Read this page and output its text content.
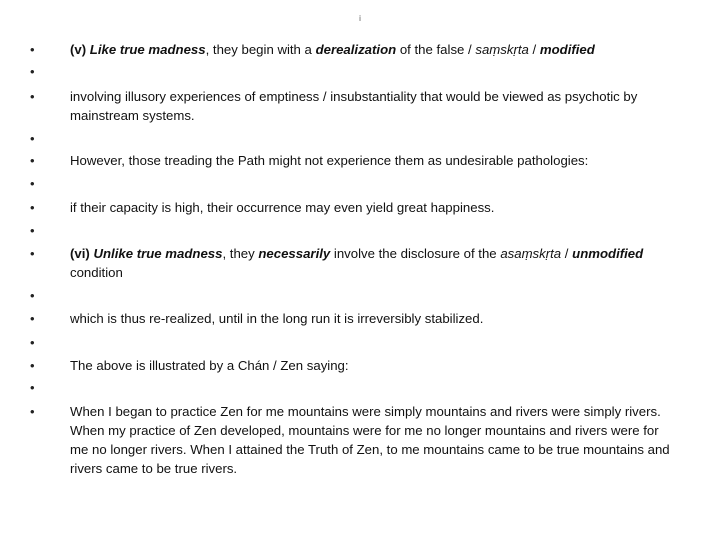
i
•	(v) Like true madness, they begin with a derealization of the false / saṃskṛta / modified
•
•	involving illusory experiences of emptiness / insubstantiality that would be viewed as psychotic by mainstream systems.
•
•	However, those treading the Path might not experience them as undesirable pathologies:
•
•	if their capacity is high, their occurrence may even yield great happiness.
•
•	(vi) Unlike true madness, they necessarily involve the disclosure of the asaṃskṛta / unmodified condition
•
•	which is thus re-realized, until in the long run it is irreversibly stabilized.
•
•	The above is illustrated by a Chán / Zen saying:
•
•	When I began to practice Zen for me mountains were simply mountains and rivers were simply rivers. When my practice of Zen developed, mountains were for me no longer mountains and rivers were for me no longer rivers. When I attained the Truth of Zen, to me mountains came to be true mountains and rivers came to be true rivers.
